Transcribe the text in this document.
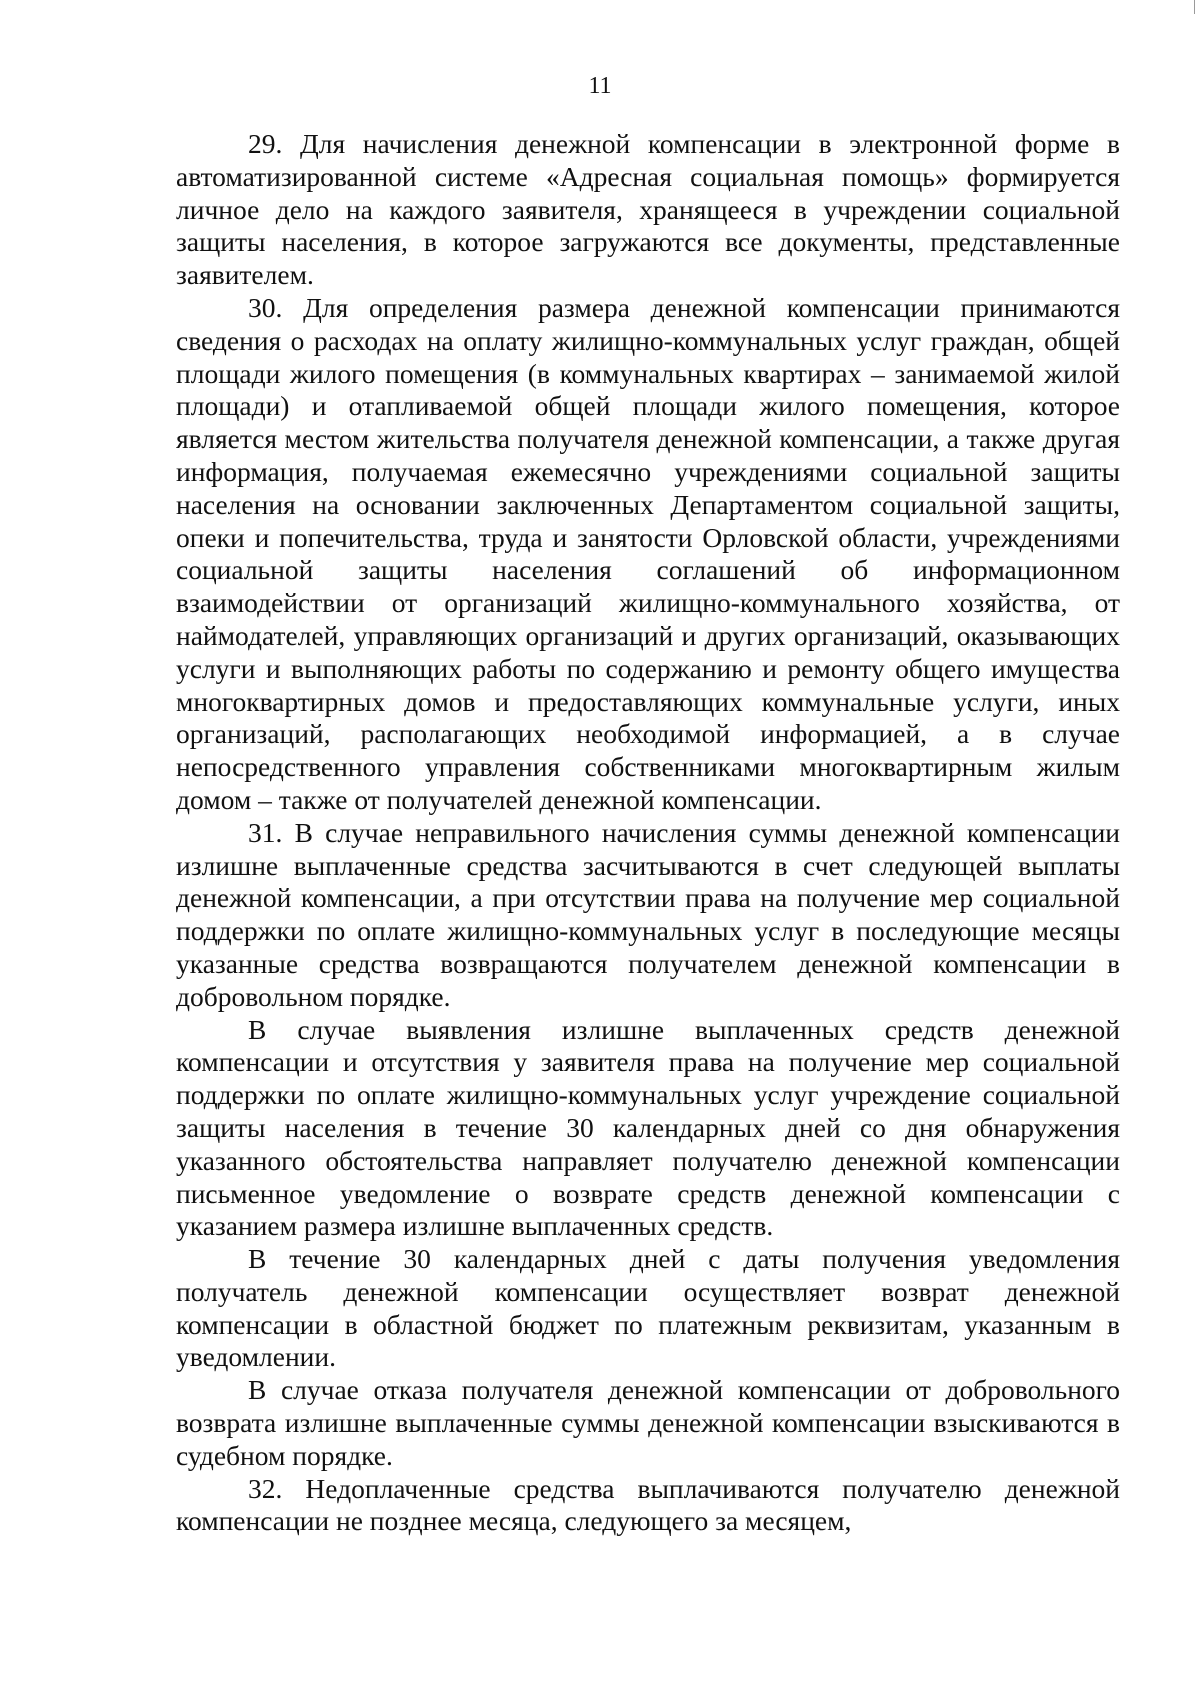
11

29. Для начисления денежной компенсации в электронной форме в автоматизированной системе «Адресная социальная помощь» формируется личное дело на каждого заявителя, хранящееся в учреждении социальной защиты населения, в которое загружаются все документы, представленные заявителем.

30. Для определения размера денежной компенсации принимаются сведения о расходах на оплату жилищно-коммунальных услуг граждан, общей площади жилого помещения (в коммунальных квартирах – занимаемой жилой площади) и отапливаемой общей площади жилого помещения, которое является местом жительства получателя денежной компенсации, а также другая информация, получаемая ежемесячно учреждениями социальной защиты населения на основании заключенных Департаментом социальной защиты, опеки и попечительства, труда и занятости Орловской области, учреждениями социальной защиты населения соглашений об информационном взаимодействии от организаций жилищно-коммунального хозяйства, от наймодателей, управляющих организаций и других организаций, оказывающих услуги и выполняющих работы по содержанию и ремонту общего имущества многоквартирных домов и предоставляющих коммунальные услуги, иных организаций, располагающих необходимой информацией, а в случае непосредственного управления собственниками многоквартирным жилым домом – также от получателей денежной компенсации.

31. В случае неправильного начисления суммы денежной компенсации излишне выплаченные средства засчитываются в счет следующей выплаты денежной компенсации, а при отсутствии права на получение мер социальной поддержки по оплате жилищно-коммунальных услуг в последующие месяцы указанные средства возвращаются получателем денежной компенсации в добровольном порядке.

В случае выявления излишне выплаченных средств денежной компенсации и отсутствия у заявителя права на получение мер социальной поддержки по оплате жилищно-коммунальных услуг учреждение социальной защиты населения в течение 30 календарных дней со дня обнаружения указанного обстоятельства направляет получателю денежной компенсации письменное уведомление о возврате средств денежной компенсации с указанием размера излишне выплаченных средств.

В течение 30 календарных дней с даты получения уведомления получатель денежной компенсации осуществляет возврат денежной компенсации в областной бюджет по платежным реквизитам, указанным в уведомлении.

В случае отказа получателя денежной компенсации от добровольного возврата излишне выплаченные суммы денежной компенсации взыскиваются в судебном порядке.

32. Недоплаченные средства выплачиваются получателю денежной компенсации не позднее месяца, следующего за месяцем,
